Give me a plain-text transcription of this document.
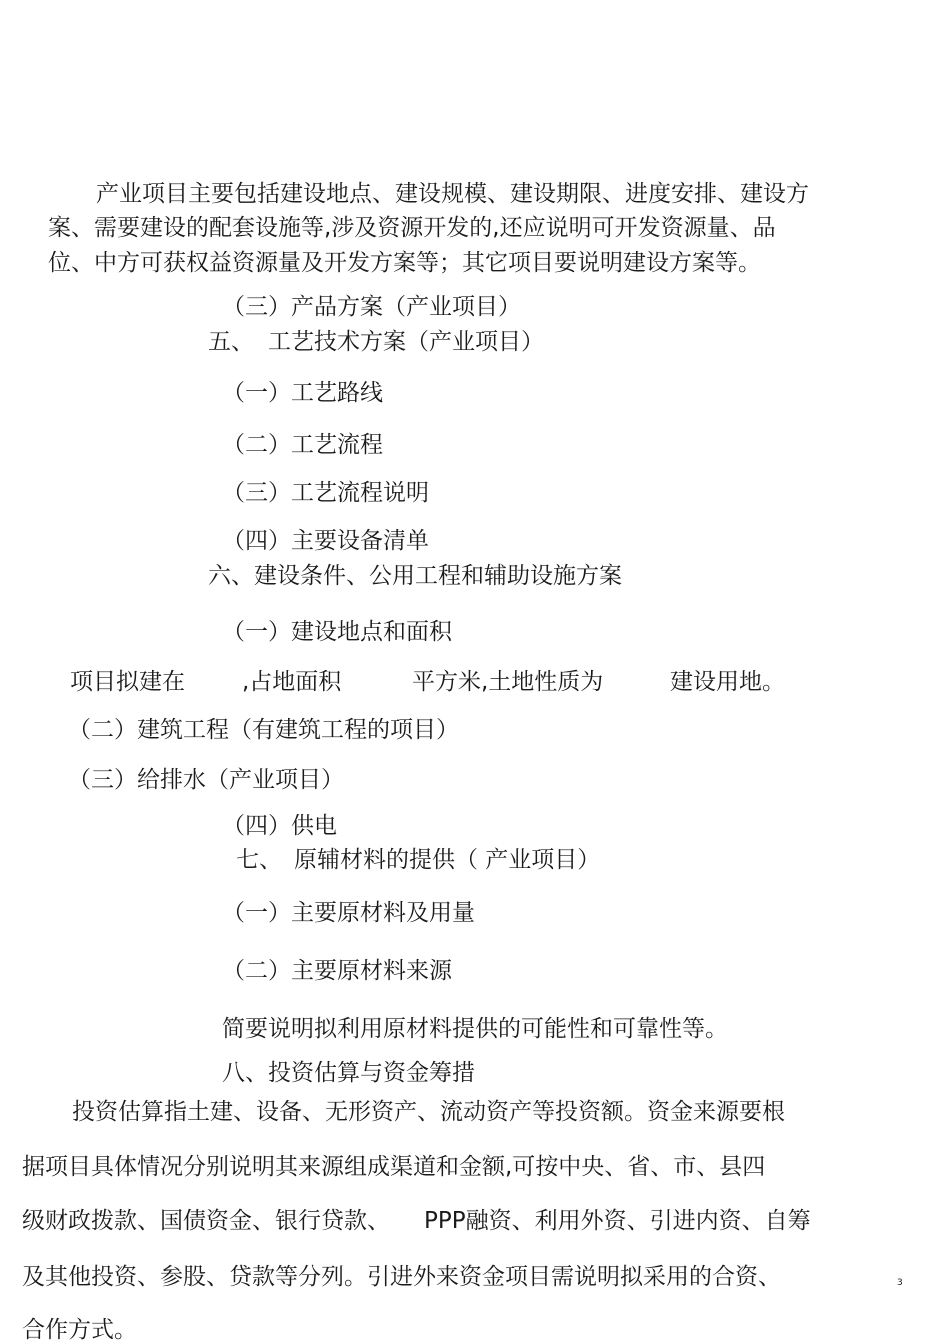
产业项目主要包括建设地点、建设规模、建设期限、进度安排、建设方

案、需要建设的配套设施等,涉及资源开发的,还应说明可开发资源量、品

位、中方可获权益资源量及开发方案等；其它项目要说明建设方案等。

（三）产品方案（产业项目）

五、 工艺技术方案（产业项目）

（一）工艺路线

（二）工艺流程

（三）工艺流程说明

（四）主要设备清单

六、建设条件、公用工程和辅助设施方案

（一）建设地点和面积

项目拟建在 ,占地面积	平方米,土地性质为	建设用地。

（二）建筑工程（有建筑工程的项目）

（三）给排水（产业项目）

（四）供电

七、 原辅材料的提供（ 产业项目）

（一）主要原材料及用量

（二）主要原材料来源

简要说明拟利用原材料提供的可能性和可靠性等。

八、投资估算与资金筹措

投资估算指土建、设备、无形资产、流动资产等投资额。资金来源要根

据项目具体情况分别说明其来源组成渠道和金额,可按中央、省、市、县四

级财政拨款、国债资金、银行贷款、 PPP融资、利用外资、引进内资、自筹

及其他投资、参股、贷款等分列。引进外来资金项目需说明拟采用的合资、

合作方式。

3
